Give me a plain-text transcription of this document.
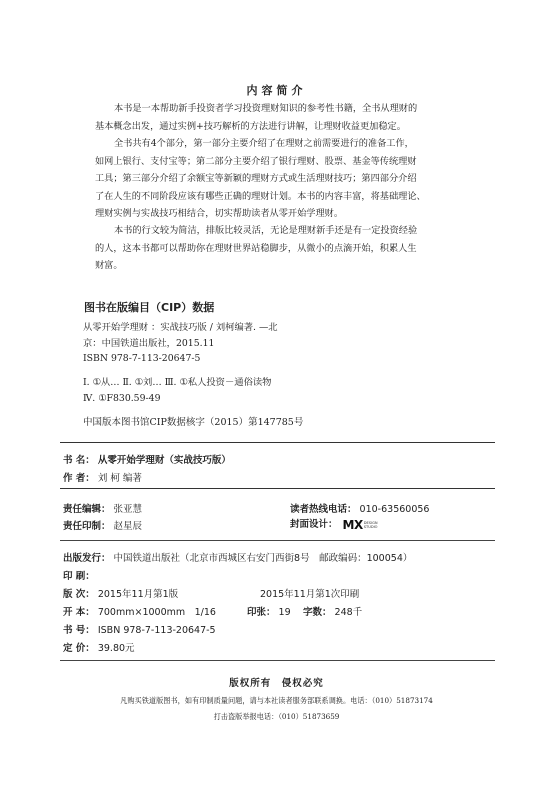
内容简介

本书是一本帮助新手投资者学习投资理财知识的参考性书籍，全书从理财的
基本概念出发，通过实例+技巧解析的方法进行讲解，让理财收益更加稳定。

全书共有4个部分，第一部分主要介绍了在理财之前需要进行的准备工作，
如网上银行、支付宝等；第二部分主要介绍了银行理财、股票、基金等传统理财
工具；第三部分介绍了余额宝等新颖的理财方式或生活理财技巧；第四部分介绍
了在人生的不同阶段应该有哪些正确的理财计划。本书的内容丰富，将基础理论、
理财实例与实战技巧相结合，切实帮助读者从零开始学理财。

本书的行文较为简洁，排版比较灵活，无论是理财新手还是有一定投资经验
的人，这本书都可以帮助你在理财世界站稳脚步，从微小的点滴开始，积累人生
财富。

图书在版编目（CIP）数据
从零开始学理财 ：实战技巧版 / 刘柯编著. —北
京：中国铁道出版社，2015.11
ISBN 978-7-113-20647-5
Ⅰ. ①从… Ⅱ. ①刘… Ⅲ. ①私人投资－通俗读物
Ⅳ. ①F830.59-49
中国版本图书馆CIP数据核字（2015）第147785号
书 名： 从零开始学理财（实战技巧版）
作 者： 刘 柯 编著
责任编辑： 张亚慧	读者热线电话： 010-63560056
责任印制： 赵星辰	封面设计： MX DESIGN
STUDIO
出版发行： 中国铁道出版社（北京市西城区右安门西街8号　邮政编码：100054）
印 刷：
版 次： 2015年11月第1版	2015年11月第1次印刷
开 本： 700mm×1000mm　1/16	印张： 19 字数： 248千
书 号： ISBN 978-7-113-20647-5
定 价： 39.80元
版权所有　侵权必究
凡购买铁道版图书，如有印制质量问题，请与本社读者服务部联系调换。电话：（010）51873174
打击盗版举报电话：（010）51873659
